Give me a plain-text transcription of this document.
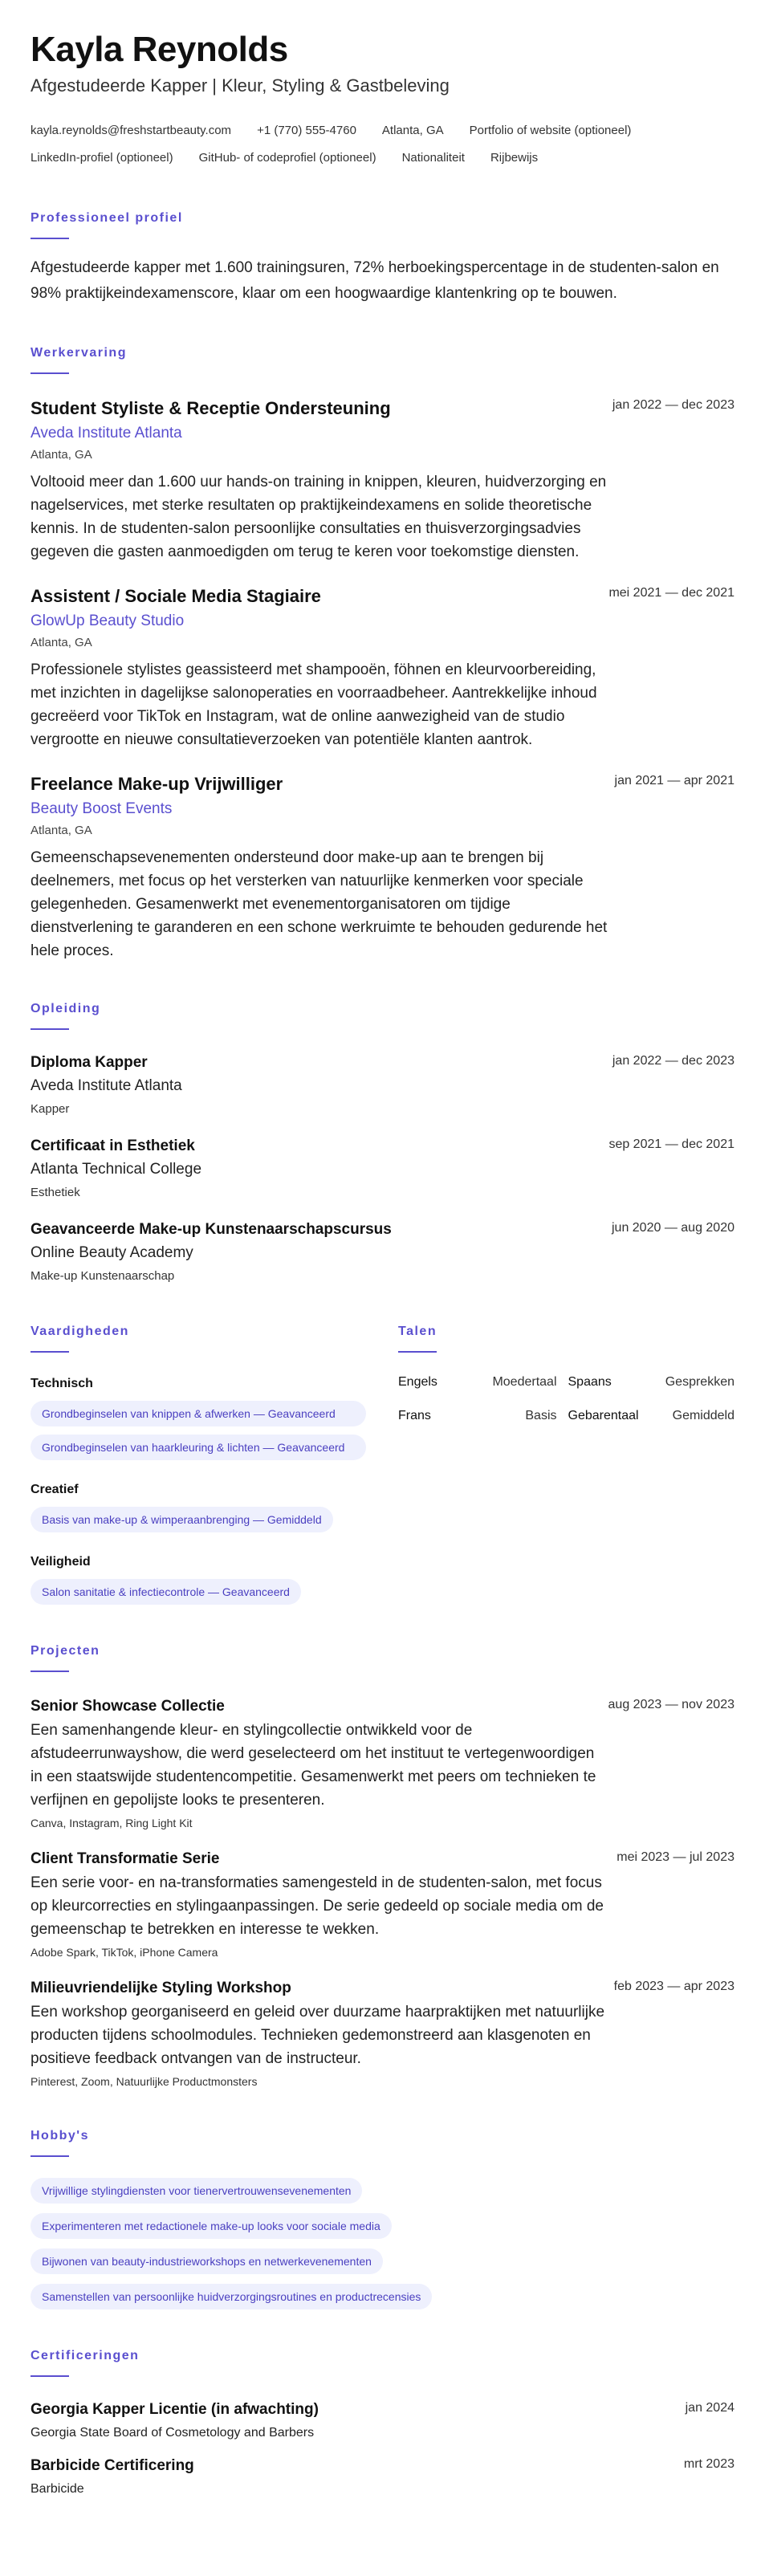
Kayla Reynolds
Afgestudeerde Kapper | Kleur, Styling & Gastbeleving
kayla.reynolds@freshstartbeauty.com +1 (770) 555-4760 Atlanta, GA Portfolio of website (optioneel)
LinkedIn-profiel (optioneel) GitHub- of codeprofiel (optioneel) Nationaliteit Rijbewijs
Professioneel profiel
Afgestudeerde kapper met 1.600 trainingsuren, 72% herboekingspercentage in de studenten-salon en 98% praktijkeindexamenscore, klaar om een hoogwaardige klantenkring op te bouwen.
Werkervaring
Student Styliste & Receptie Ondersteuning	jan 2022 — dec 2023
Aveda Institute Atlanta
Atlanta, GA
Voltooid meer dan 1.600 uur hands-on training in knippen, kleuren, huidverzorging en nagelservices, met sterke resultaten op praktijkeindexamens en solide theoretische kennis. In de studenten-salon persoonlijke consultaties en thuisverzorgingsadvies gegeven die gasten aanmoedigden om terug te keren voor toekomstige diensten.
Assistent / Sociale Media Stagiaire	mei 2021 — dec 2021
GlowUp Beauty Studio
Atlanta, GA
Professionele stylistes geassisteerd met shampooën, föhnen en kleurvoorbereiding, met inzichten in dagelijkse salonoperaties en voorraadbeheer. Aantrekkelijke inhoud gecreëerd voor TikTok en Instagram, wat de online aanwezigheid van de studio vergrootte en nieuwe consultatieverzoeken van potentiële klanten aantrok.
Freelance Make-up Vrijwilliger	jan 2021 — apr 2021
Beauty Boost Events
Atlanta, GA
Gemeenschapsevenementen ondersteund door make-up aan te brengen bij deelnemers, met focus op het versterken van natuurlijke kenmerken voor speciale gelegenheden. Gesamenwerkt met evenementorganisatoren om tijdige dienstverlening te garanderen en een schone werkruimte te behouden gedurende het hele proces.
Opleiding
Diploma Kapper	jan 2022 — dec 2023
Aveda Institute Atlanta
Kapper
Certificaat in Esthetiek	sep 2021 — dec 2021
Atlanta Technical College
Esthetiek
Geavanceerde Make-up Kunstenaarschapscursus	jun 2020 — aug 2020
Online Beauty Academy
Make-up Kunstenaarschap
Vaardigheden
Technisch
Grondbeginselen van knippen & afwerken — Geavanceerd
Grondbeginselen van haarkleuring & lichten — Geavanceerd
Creatief
Basis van make-up & wimperaanbrenging — Gemiddeld
Veiligheid
Salon sanitatie & infectiecontrole — Geavanceerd
Talen
Engels	Moedertaal Spaans	Gesprekken
Frans	Basis Gebarentaal	Gemiddeld
Projecten
Senior Showcase Collectie	aug 2023 — nov 2023
Een samenhangende kleur- en stylingcollectie ontwikkeld voor de afstudeerrunwayshow, die werd geselecteerd om het instituut te vertegenwoordigen in een staatswijde studentencompetitie. Gesamenwerkt met peers om technieken te verfijnen en gepolijste looks te presenteren.
Canva, Instagram, Ring Light Kit
Client Transformatie Serie	mei 2023 — jul 2023
Een serie voor- en na-transformaties samengesteld in de studenten-salon, met focus op kleurcorrecties en stylingaanpassingen. De serie gedeeld op sociale media om de gemeenschap te betrekken en interesse te wekken.
Adobe Spark, TikTok, iPhone Camera
Milieuvriendelijke Styling Workshop	feb 2023 — apr 2023
Een workshop georganiseerd en geleid over duurzame haarpraktijken met natuurlijke producten tijdens schoolmodules. Technieken gedemonstreerd aan klasgenoten en positieve feedback ontvangen van de instructeur.
Pinterest, Zoom, Natuurlijke Productmonsters
Hobby's
Vrijwillige stylingdiensten voor tienervertrouwensevenementen
Experimenteren met redactionele make-up looks voor sociale media
Bijwonen van beauty-industrieworkshops en netwerkevenementen
Samenstellen van persoonlijke huidverzorgingsroutines en productrecensies
Certificeringen
Georgia Kapper Licentie (in afwachting)	jan 2024
Georgia State Board of Cosmetology and Barbers
Barbicide Certificering	mrt 2023
Barbicide
